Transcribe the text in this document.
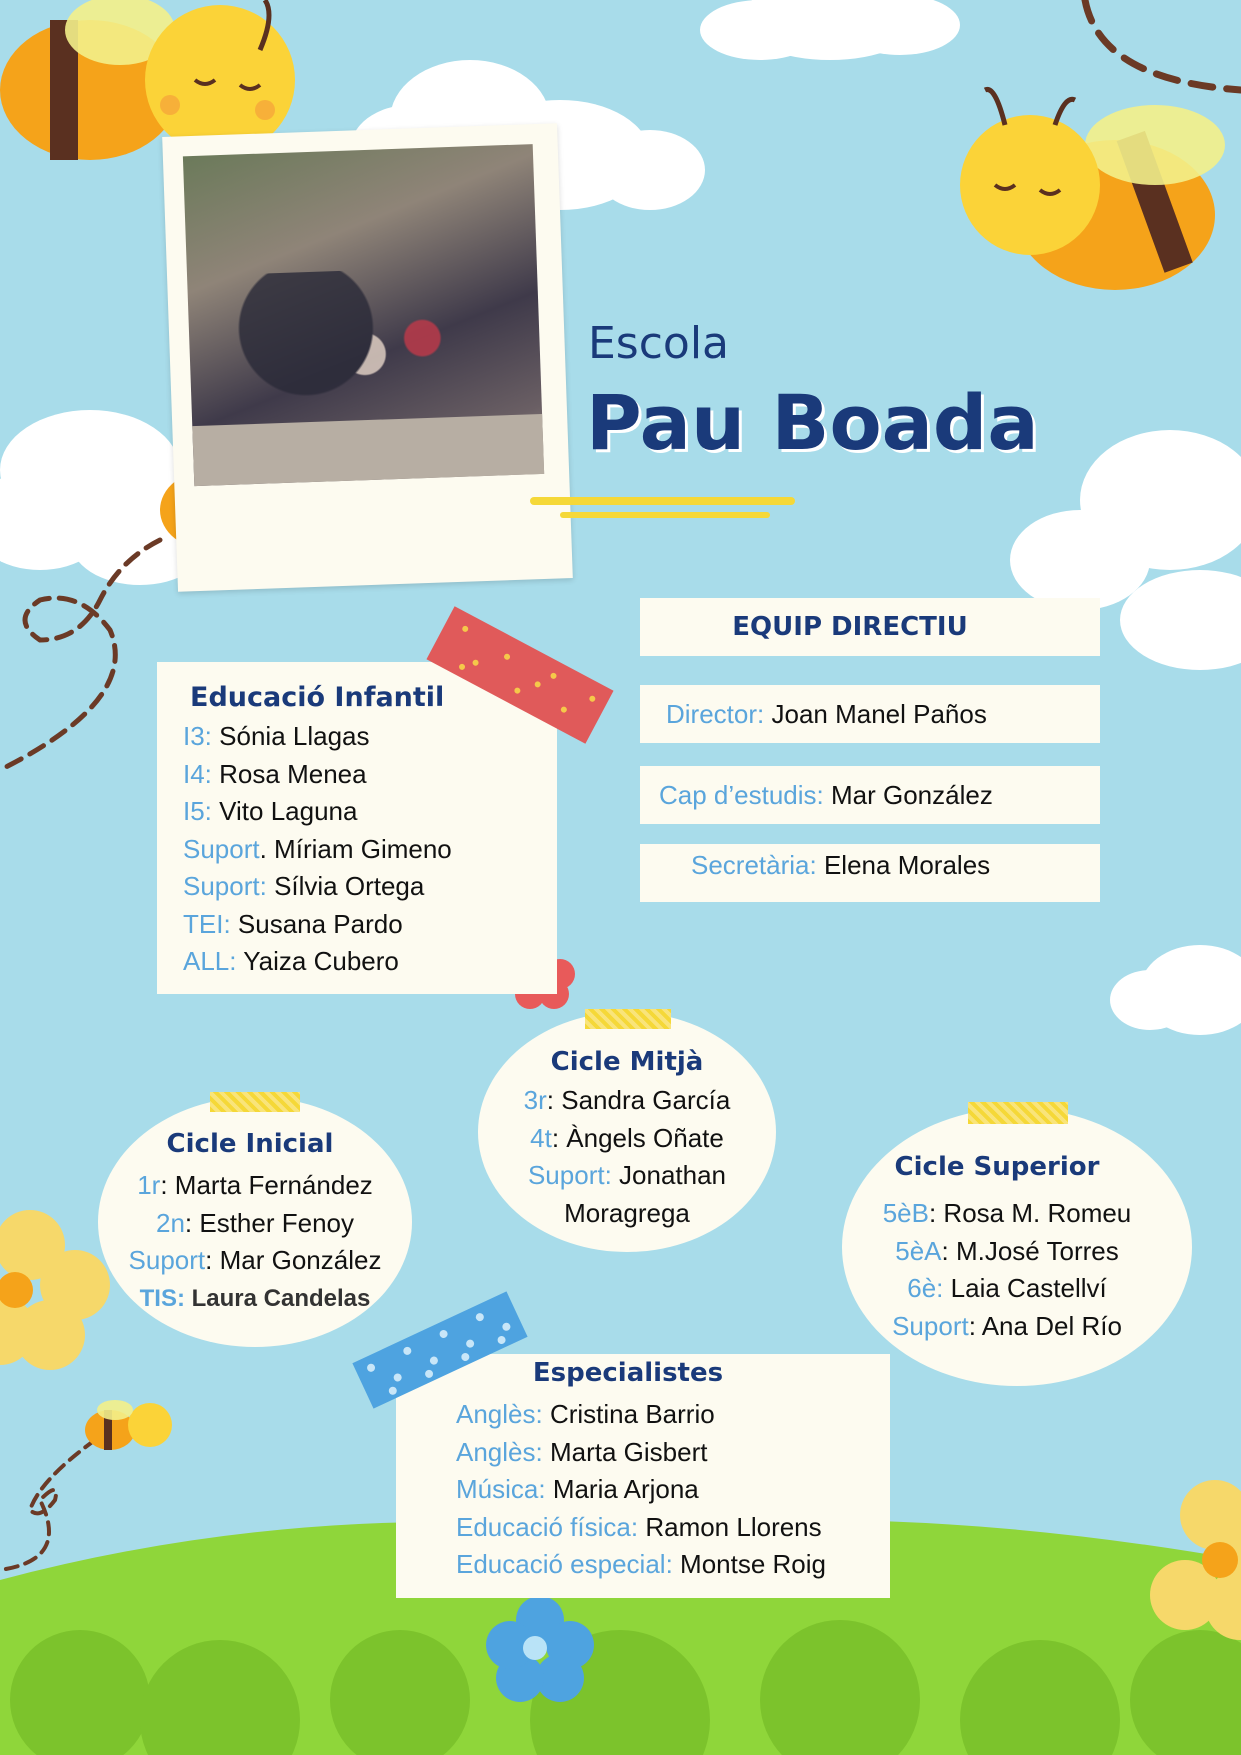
Escola
Pau Boada
EQUIP DIRECTIU
Director: Joan Manel Paños
Cap d’estudis: Mar González
Secretària: Elena Morales
Educació Infantil
I3: Sónia Llagas
I4: Rosa Menea
I5: Vito Laguna
Suport. Míriam Gimeno
Suport: Sílvia Ortega
TEI: Susana Pardo
ALL: Yaiza Cubero
Cicle Mitjà
3r: Sandra García
4t: Àngels Oñate
Suport: Jonathan
Moragrega
Cicle Inicial
1r: Marta Fernández
2n: Esther Fenoy
Suport: Mar González
TIS: Laura Candelas
Cicle Superior
5èB: Rosa M. Romeu
5èA: M.José Torres
6è: Laia Castellví
Suport: Ana Del Río
Especialistes
Anglès: Cristina Barrio
Anglès: Marta Gisbert
Música: Maria Arjona
Educació física: Ramon Llorens
Educació especial: Montse Roig
